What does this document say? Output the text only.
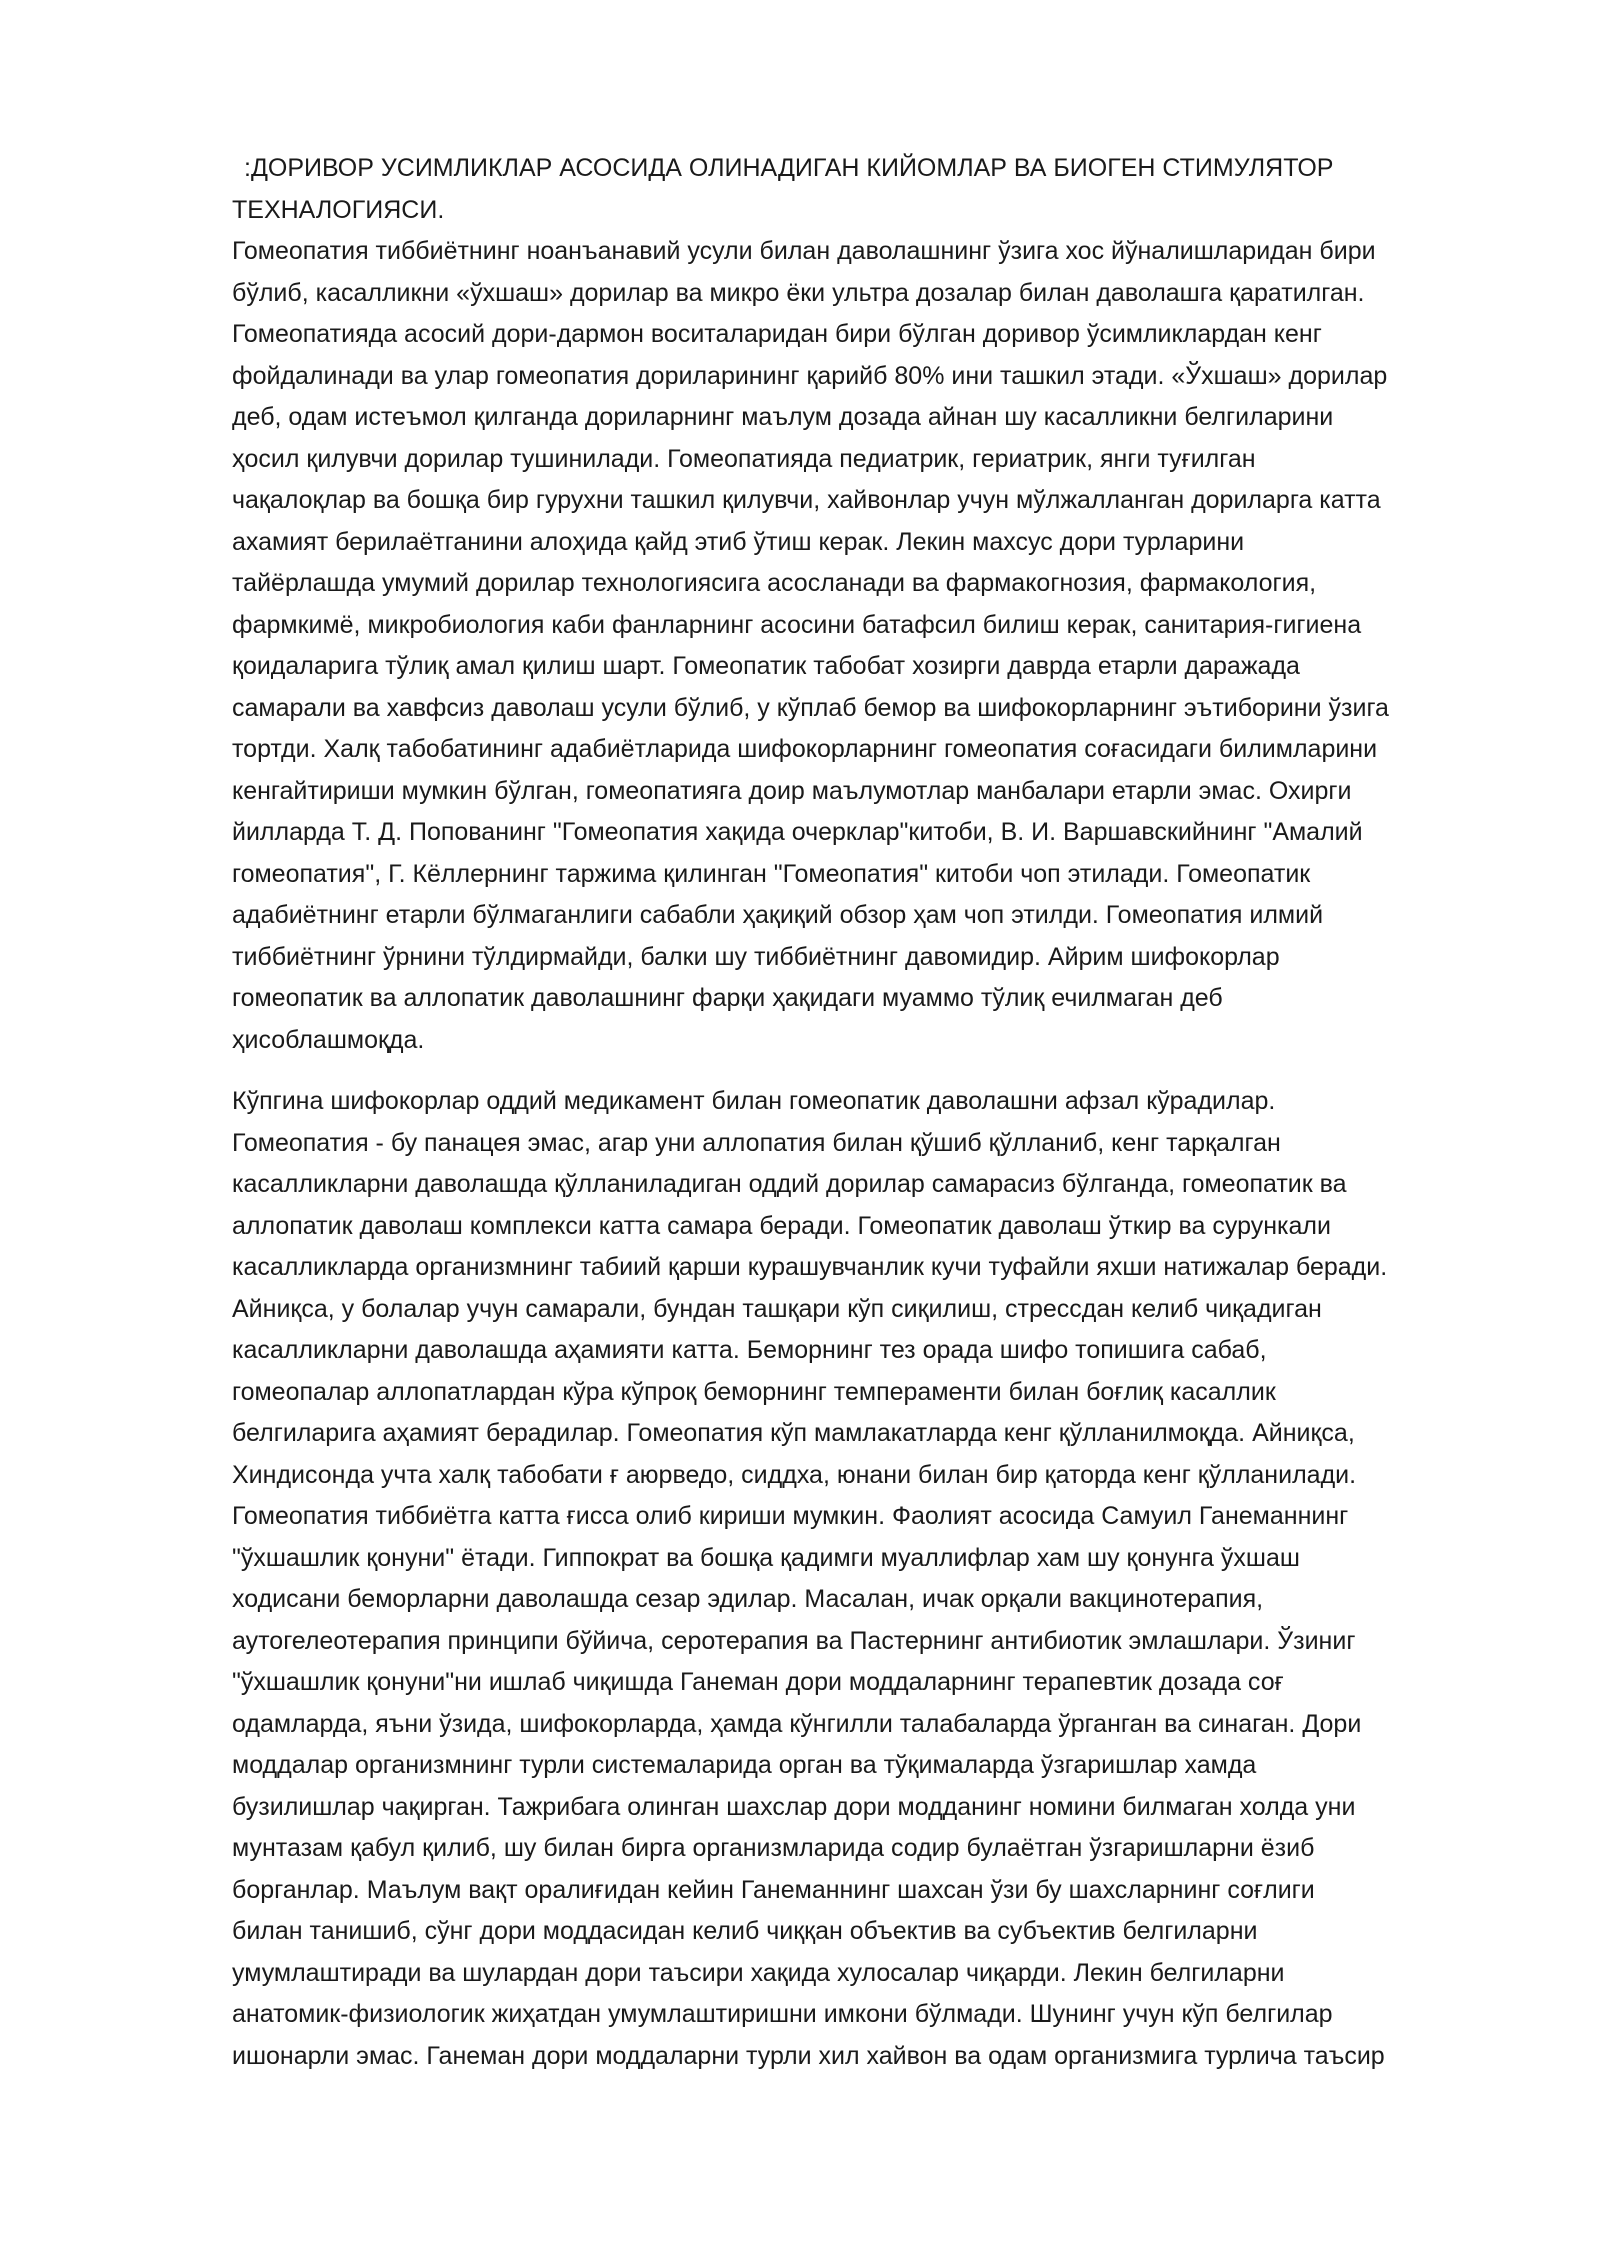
:ДОРИВОР УСИМЛИКЛАР АСОСИДА ОЛИНАДИГАН КИЙОМЛАР ВА БИОГЕН СТИМУЛЯТОР
ТЕХНАЛОГИЯСИ.
Гомеопатия тиббиётнинг ноанъанавий усули билан даволашнинг ўзига хос йўналишларидан бири
бўлиб, касалликни «ўхшаш» дорилар ва микро ёки ультра дозалар билан даволашга қаратилган.
Гомеопатияда асосий дори-дармон воситаларидан бири бўлган доривор ўсимликлардан кенг
фойдалинади ва улар гомеопатия дориларининг қарийб 80% ини ташкил этади. «Ўхшаш» дорилар
деб, одам истеъмол қилганда дориларнинг маълум дозада айнан шу касалликни белгиларини
ҳосил қилувчи дорилар тушинилади. Гомеопатияда педиатрик, гериатрик, янги туғилган
чақалоқлар ва бошқа бир гурухни ташкил қилувчи, хайвонлар учун мўлжалланган дориларга катта
ахамият берилаётганини алоҳида қайд этиб ўтиш керак. Лекин махсус дори турларини
тайёрлашда умумий дорилар технологиясига асосланади ва фармакогнозия, фармакология,
фармкимё, микробиология каби фанларнинг асосини батафсил билиш керак, санитария-гигиена
қоидаларига тўлиқ амал қилиш шарт. Гомеопатик табобат хозирги даврда етарли даражада
самарали ва хавфсиз даволаш усули бўлиб, у кўплаб бемор ва шифокорларнинг эътиборини ўзига
тортди. Халқ табобатининг адабиётларида шифокорларнинг гомеопатия соғасидаги билимларини
кенгайтириши мумкин бўлган, гомеопатияга доир маълумотлар манбалари етарли эмас. Охирги
йилларда Т. Д. Попованинг "Гомеопатия хақида очерклар"китоби, В. И. Варшавскийнинг "Амалий
гомеопатия", Г. Кёллернинг таржима қилинган "Гомеопатия" китоби чоп этилади. Гомеопатик
адабиётнинг етарли бўлмаганлиги сабабли ҳақиқий обзор ҳам чоп этилди. Гомеопатия илмий
тиббиётнинг ўрнини тўлдирмайди, балки шу тиббиётнинг давомидир. Айрим шифокорлар
гомеопатик ва аллопатик даволашнинг фарқи ҳақидаги муаммо тўлиқ ечилмаган деб
ҳисоблашмоқда.
Кўпгина шифокорлар оддий медикамент билан гомеопатик даволашни афзал кўрадилар.
Гомеопатия - бу панацея эмас, агар уни аллопатия билан қўшиб қўлланиб, кенг тарқалган
касалликларни даволашда қўлланиладиган оддий дорилар самарасиз бўлганда, гомеопатик ва
аллопатик даволаш комплекси катта самара беради. Гомеопатик даволаш ўткир ва сурункали
касалликларда организмнинг табиий қарши курашувчанлик кучи туфайли яхши натижалар беради.
Айниқса, у болалар учун самарали, бундан ташқари кўп сиқилиш, стрессдан келиб чиқадиган
касалликларни даволашда аҳамияти катта. Беморнинг тез орада шифо топишига сабаб,
гомеопалар аллопатлардан кўра кўпроқ беморнинг темпераменти билан боғлиқ касаллик
белгиларига аҳамият берадилар. Гомеопатия кўп мамлакатларда кенг қўлланилмоқда. Айниқса,
Хиндисонда учта халқ табобати ғ аюрведо, сиддха, юнани билан бир қаторда кенг қўлланилади.
Гомеопатия тиббиётга катта ғисса олиб кириши мумкин. Фаолият асосида Самуил Ганеманнинг
"ўхшашлик қонуни" ётади. Гиппократ ва бошқа қадимги муаллифлар хам шу қонунга ўхшаш
ходисани беморларни даволашда сезар эдилар. Масалан, ичак орқали вакцинотерапия,
аутогелеотерапия принципи бўйича, серотерапия ва Пастернинг антибиотик эмлашлари. Ўзиниг
"ўхшашлик қонуни"ни ишлаб чиқишда Ганеман дори моддаларнинг терапевтик дозада соғ
одамларда, яъни ўзида, шифокорларда, ҳамда кўнгилли талабаларда ўрганган ва синаган. Дори
моддалар организмнинг турли системаларида орган ва тўқималарда ўзгаришлар хамда
бузилишлар чақирган. Тажрибага олинган шахслар дори модданинг номини билмаган холда уни
мунтазам қабул қилиб, шу билан бирга организмларида содир булаётган ўзгаришларни ёзиб
борганлар. Маълум вақт оралиғидан кейин Ганеманнинг шахсан ўзи бу шахсларнинг соғлиги
билан танишиб, сўнг дори моддасидан келиб чиққан объектив ва субъектив белгиларни
умумлаштиради ва шулардан дори таъсири хақида хулосалар чиқарди. Лекин белгиларни
анатомик-физиологик жиҳатдан умумлаштиришни имкони бўлмади. Шунинг учун кўп белгилар
ишонарли эмас. Ганеман дори моддаларни турли хил хайвон ва одам организмига турлича таъсир
